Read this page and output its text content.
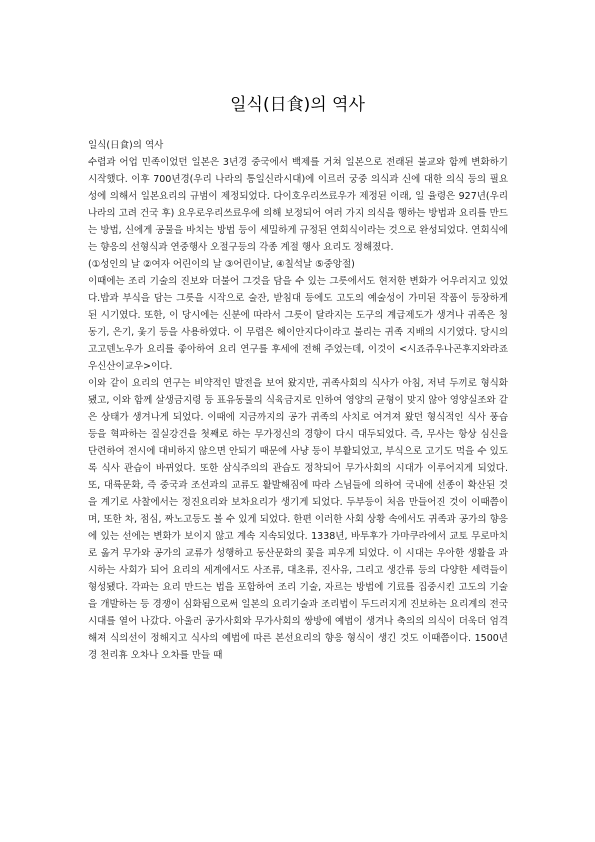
일식(日食)의 역사

일식(日食)의 역사

수렵과 어업 민족이었던 일본은 3년경 중국에서 백제를 거쳐 일본으로 전래된 불교와 함께 변화하기 시작했다. 이후 700년경(우리 나라의 통일신라시대)에 이르러 궁중 의식과 신에 대한 의식 등의 필요성에 의해서 일본요리의 규범이 제정되었다. 다이호우리쓰료우가 제정된 이래, 일 율령은 927년(우리 나라의 고려 건국 후) 요우로우리쓰료우에 의해 보정되어 여러 가지 의식을 행하는 방법과 요리를 만드는 방법, 신에게 공물을 바치는 방법 등이 세밀하게 규정된 연회식이라는 것으로 완성되었다. 연회식에는 향응의 선형식과 연중행사 오절구등의 각종 계절 행사 요리도 정해졌다.

(①성인의 날 ②여자 어린이의 날 ③어린이날, ④칠석날 ⑤중앙절)

이때에는 조리 기술의 진보와 더불어 그것을 담을 수 있는 그릇에서도 현저한 변화가 어우러지고 있었다.밥과 부식을 담는 그릇을 시작으로 술잔, 받침대 등에도 고도의 예술성이 가미된 작품이 등장하게 된 시기였다. 또한, 이 당시에는 신분에 따라서 그릇이 달라지는 도구의 계급제도가 생겨나 귀족은 청동기, 은기, 옻기 등을 사용하였다. 이 무렵은 헤이안지다이라고 불리는 귀족 지배의 시기였다. 당시의 고고덴노우가 요리를 좋아하여 요리 연구를 후세에 전해 주었는데, 이것이 <시죠쥬우나곤후지와라죠우신산이교우>이다.

이와 같이 요리의 연구는 비약적인 발전을 보여 왔지만, 귀족사회의 식사가 아침, 저녁 두끼로 형식화됐고, 이와 함께 살생금지령 등 표유동물의 식육금지로 인하여 영양의 균형이 맞지 않아 영양실조와 같은 상태가 생겨나게 되었다. 이때에 지금까지의 공가 귀족의 사치로 여겨져 왔던 형식적인 식사 풍습 등을 혁파하는 질실강건을 첫째로 하는 무가정신의 경향이 다시 대두되었다. 즉, 무사는 항상 심신을 단련하여 전시에 대비하지 않으면 안되기 때문에 사냥 등이 부활되었고, 부식으로 고기도 먹을 수 있도록 식사 관습이 바뀌었다. 또한 삼식주의의 관습도 정착되어 무가사회의 시대가 이루어지게 되었다. 또, 대륙문화, 즉 중국과 조선과의 교류도 활발해짐에 따라 스님들에 의하여 국내에 선종이 확산된 것을 계기로 사찰에서는 정진요리와 보차요리가 생기게 되었다. 두부등이 처음 만들어진 것이 이때쯤이며, 또한 차, 점심, 짜노고등도 볼 수 있게 되었다. 한편 이러한 사회 상황 속에서도 귀족과 공가의 향응에 있는 선에는 변화가 보이지 않고 계속 지속되었다. 1338년, 바투후가 가마쿠라에서 교토 무로마치로 옮겨 무가와 공가의 교류가 성행하고 동산문화의 꽃을 피우게 되었다. 이 시대는 우아한 생활을 과시하는 사회가 되어 요리의 세계에서도 사조류, 대초류, 진사유, 그리고 생간류 등의 다양한 세력들이 형성됐다. 각파는 요리 만드는 법을 포함하여 조리 기술, 자르는 방법에 기료를 집중시킨 고도의 기술을 개발하는 등 경쟁이 심화됨으로써 일본의 요리기술과 조리법이 두드러지게 진보하는 요리계의 전국시대를 열어 나갔다. 아울러 공가사회와 무가사회의 쌍방에 예법이 생겨나 축의의 의식이 더욱더 엄격해져 식의선이 정해지고 식사의 예법에 따른 본선요리의 향응 형식이 생긴 것도 이때쯤이다. 1500년경 천리휴 오차나 오차를 만들 때
